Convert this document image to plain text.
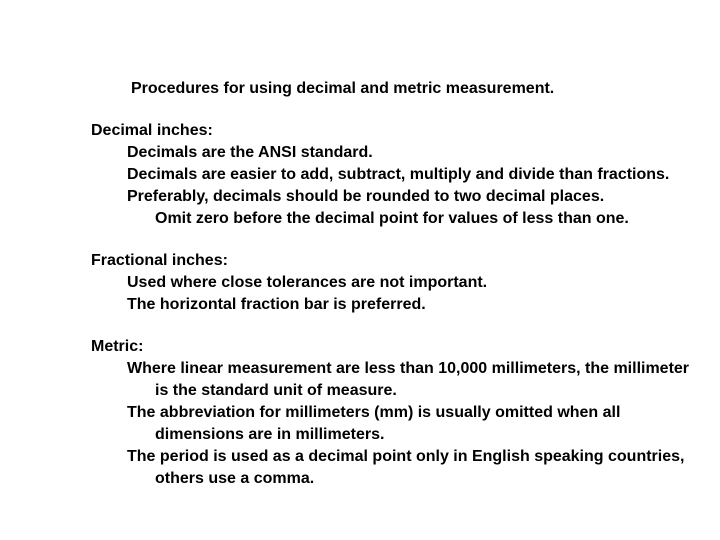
Procedures for using decimal and metric measurement.

Decimal inches:

Decimals are the ANSI standard.

Decimals are easier to add, subtract, multiply and divide than fractions.

Preferably, decimals should be rounded to two decimal places.

Omit zero before the decimal point for values of less than one.

Fractional inches:

Used where close tolerances are not important.

The horizontal fraction bar is preferred.

Metric:

Where linear measurement are less than 10,000 millimeters, the millimeter is the standard unit of measure.

The abbreviation for millimeters (mm) is usually omitted when all dimensions are in millimeters.

The period is used as a decimal point only in English speaking countries, others use a comma.
